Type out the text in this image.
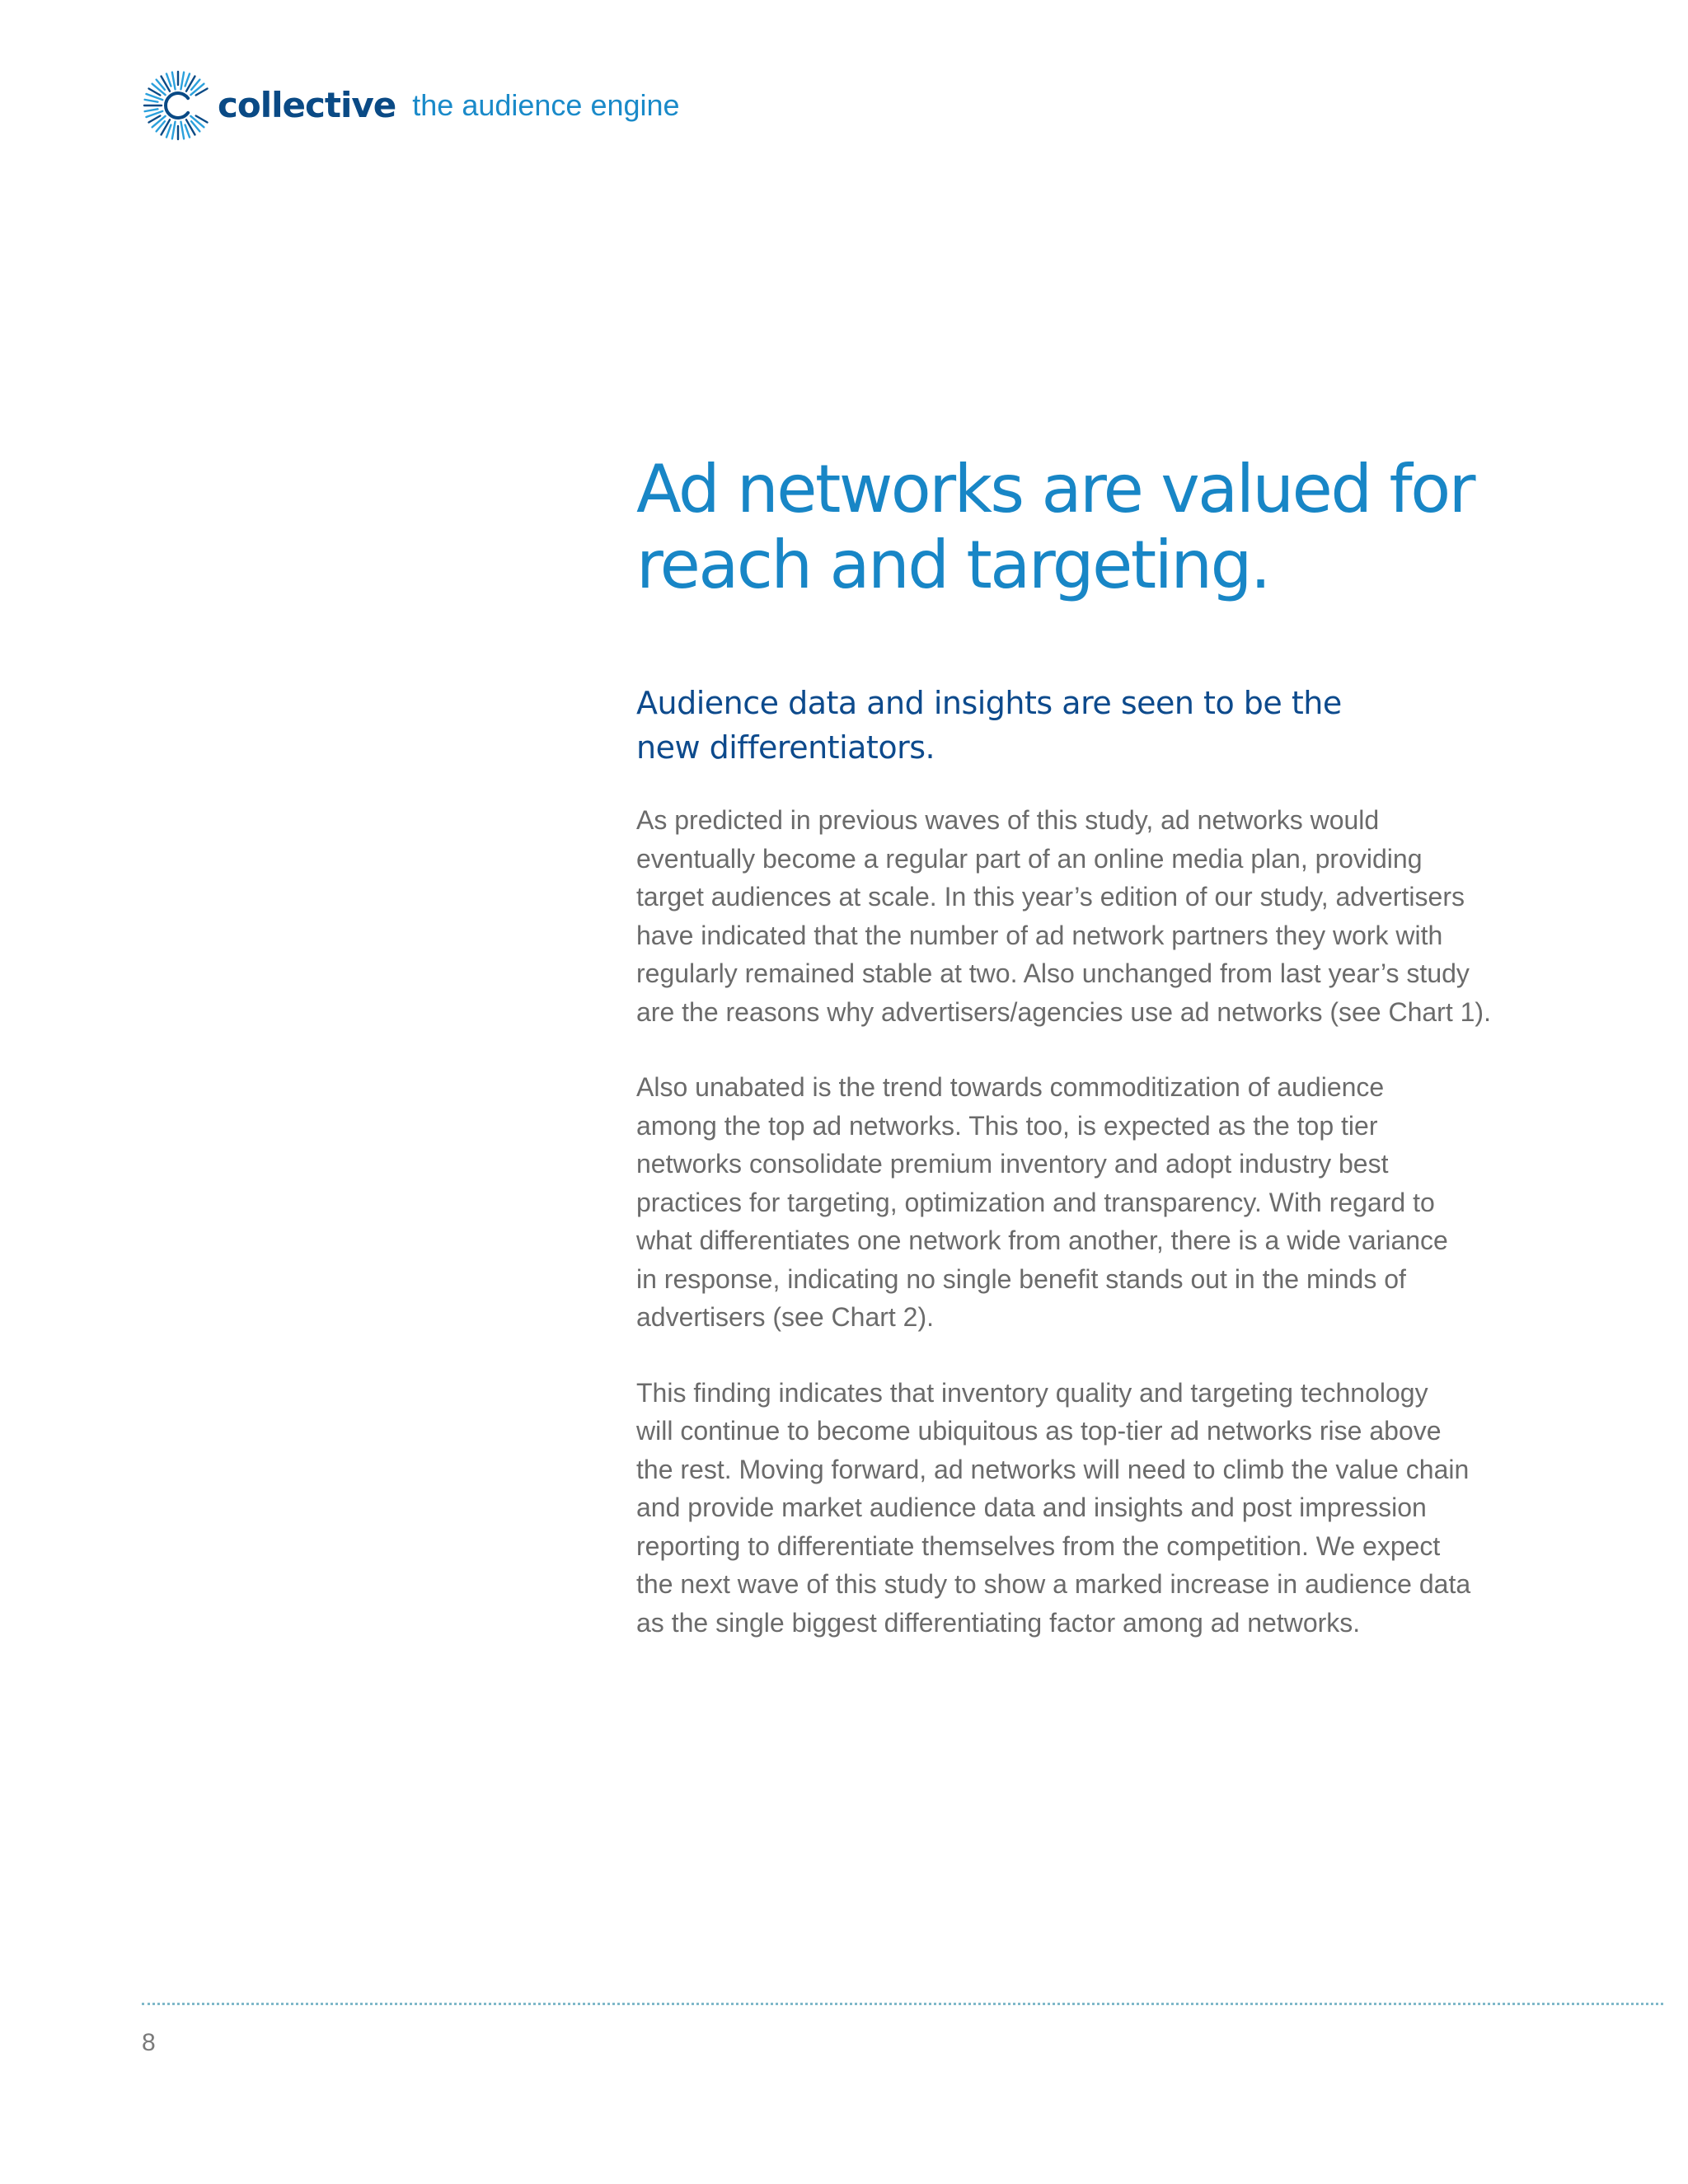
collective the audience engine
Ad networks are valued for
reach and targeting.
Audience data and insights are seen to be the
new differentiators.

As predicted in previous waves of this study, ad networks would
eventually become a regular part of an online media plan, providing
target audiences at scale. In this year’s edition of our study, advertisers
have indicated that the number of ad network partners they work with
regularly remained stable at two. Also unchanged from last year’s study
are the reasons why advertisers/agencies use ad networks (see Chart 1).

Also unabated is the trend towards commoditization of audience
among the top ad networks. This too, is expected as the top tier
networks consolidate premium inventory and adopt industry best
practices for targeting, optimization and transparency. With regard to
what differentiates one network from another, there is a wide variance
in response, indicating no single benefit stands out in the minds of
advertisers (see Chart 2).

This finding indicates that inventory quality and targeting technology
will continue to become ubiquitous as top-tier ad networks rise above
the rest. Moving forward, ad networks will need to climb the value chain
and provide market audience data and insights and post impression
reporting to differentiate themselves from the competition. We expect
the next wave of this study to show a marked increase in audience data
as the single biggest differentiating factor among ad networks.

8
